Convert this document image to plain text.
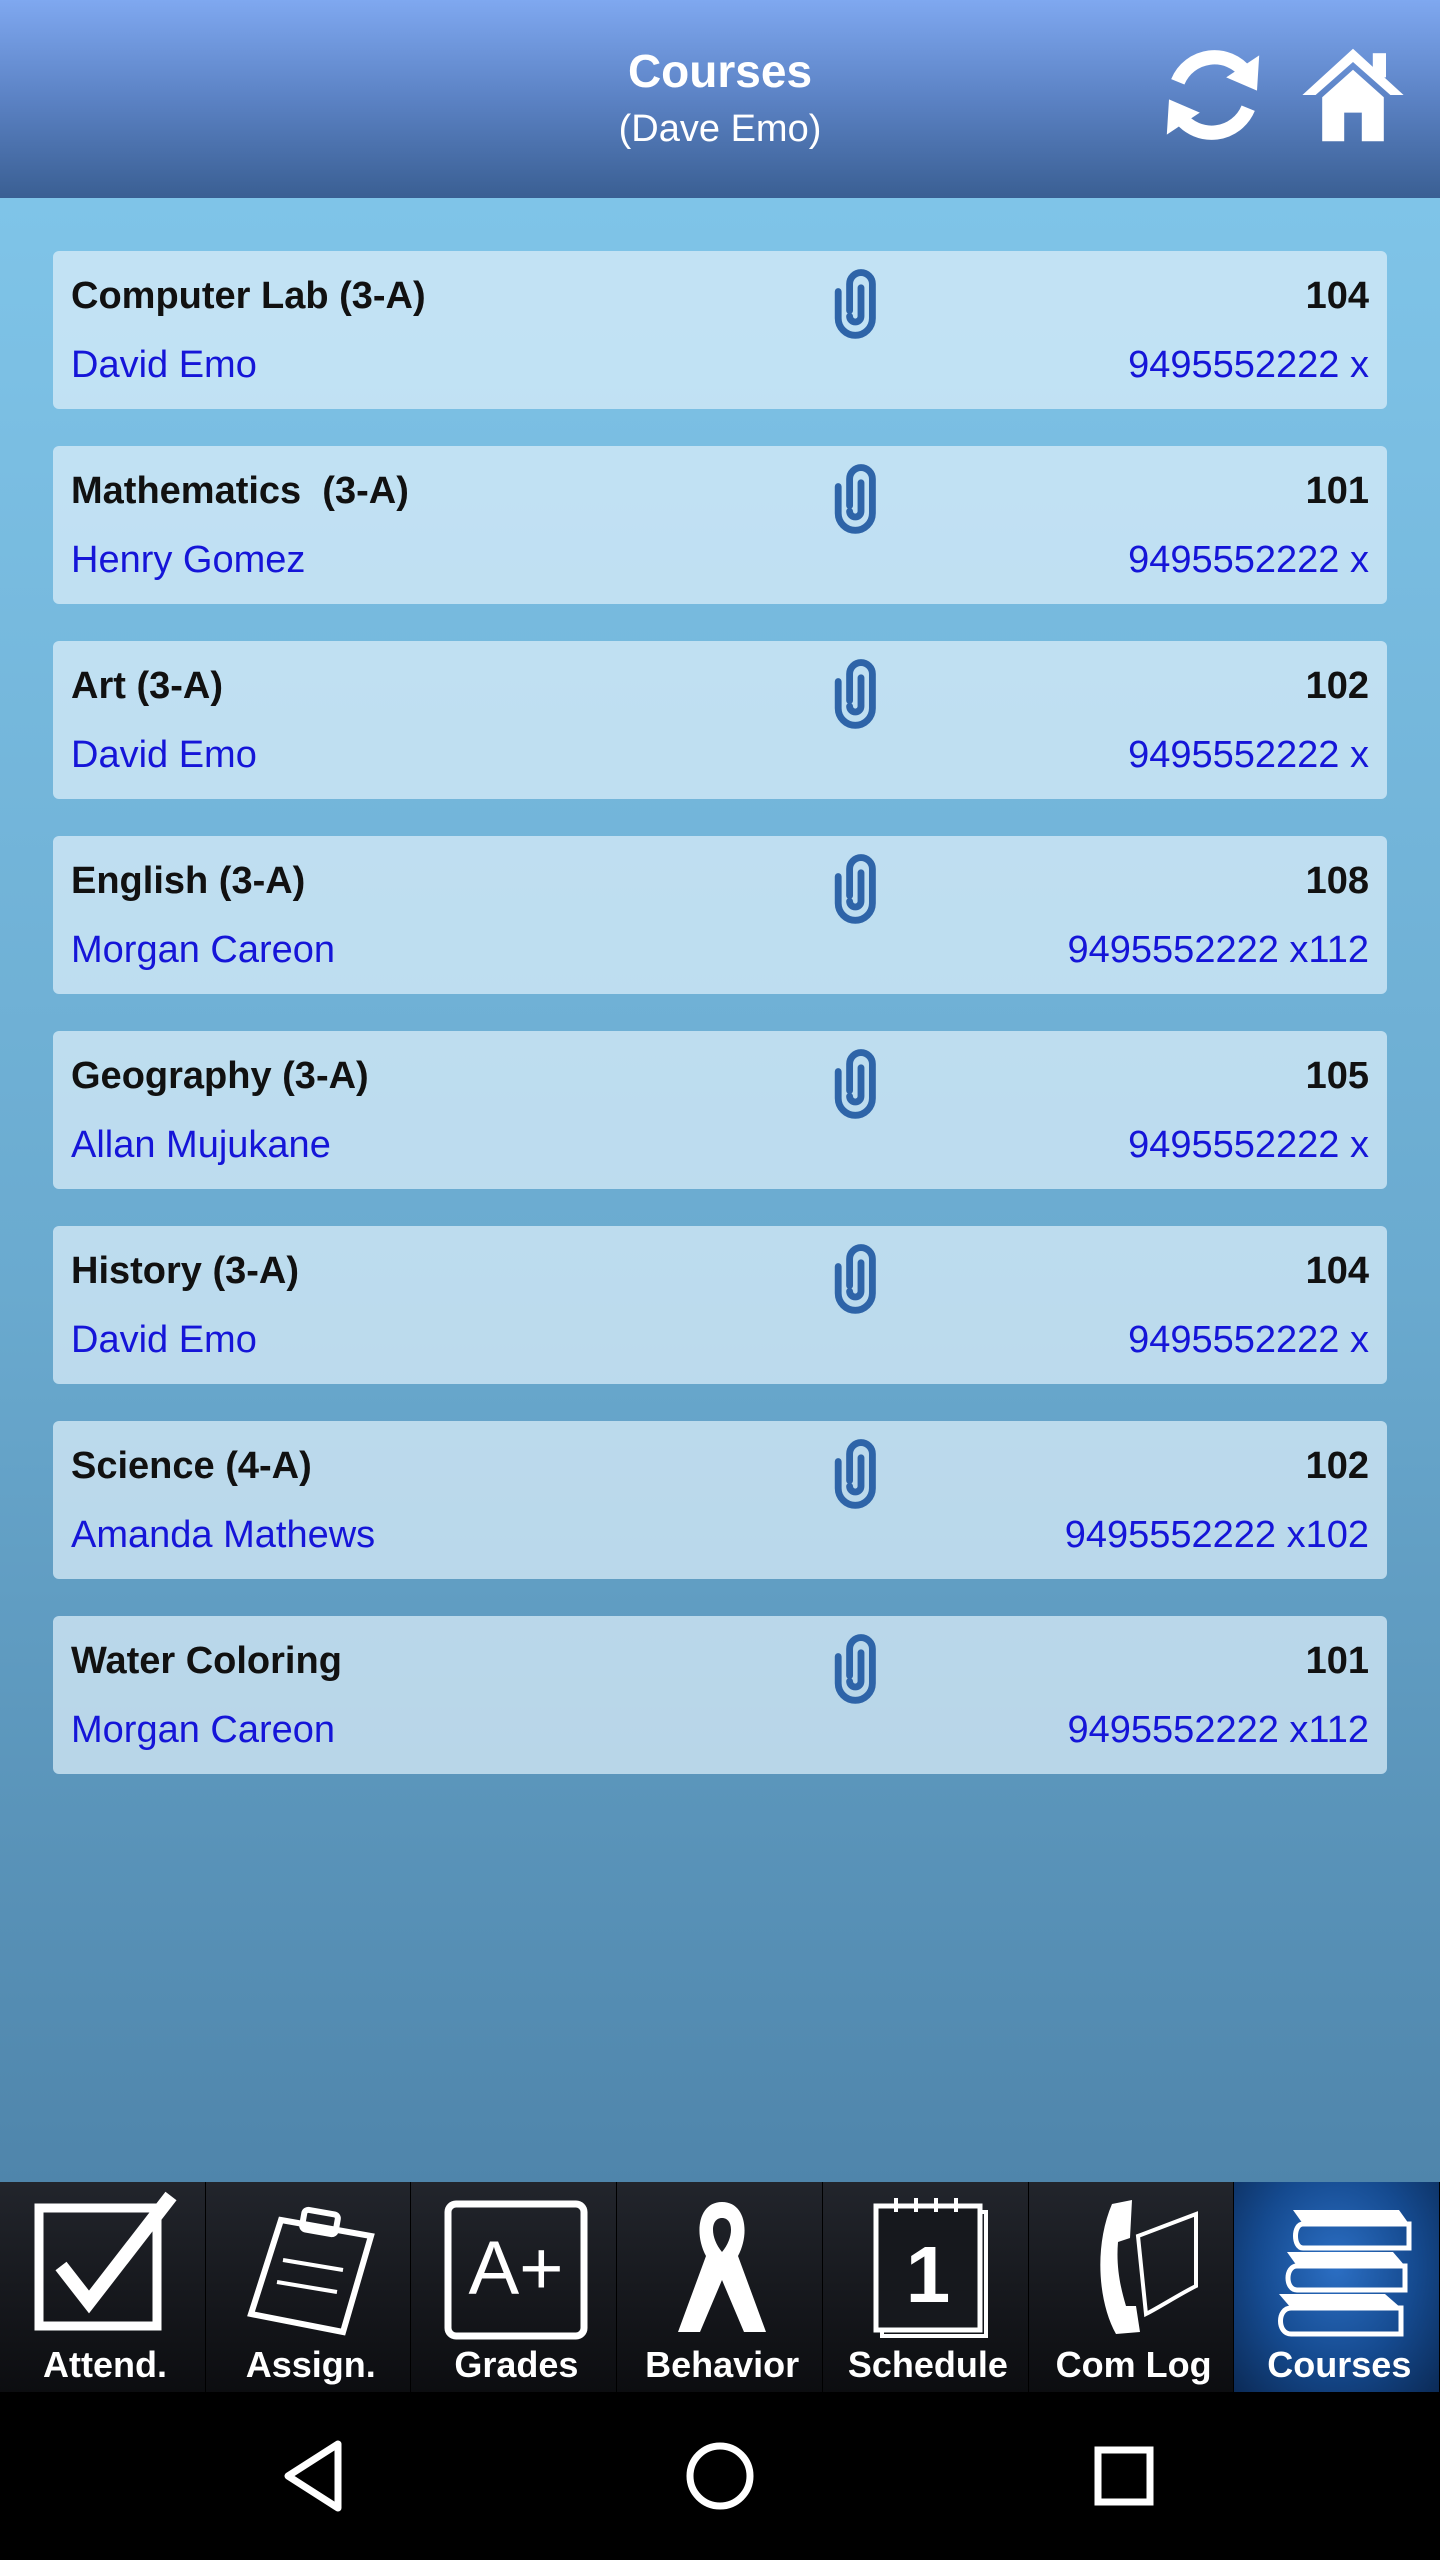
Courses
(Dave Emo)
Computer Lab (3-A)	104
David Emo	9495552222 x
Mathematics  (3-A)	101
Henry Gomez	9495552222 x
Art (3-A)	102
David Emo	9495552222 x
English (3-A)	108
Morgan Careon	9495552222 x112
Geography (3-A)	105
Allan Mujukane	9495552222 x
History (3-A)	104
David Emo	9495552222 x
Science (4-A)	102
Amanda Mathews	9495552222 x102
Water Coloring	101
Morgan Careon	9495552222 x112
Attend.	Assign.
A+
Grades	Behavior
1
Schedule	Com Log	Courses
